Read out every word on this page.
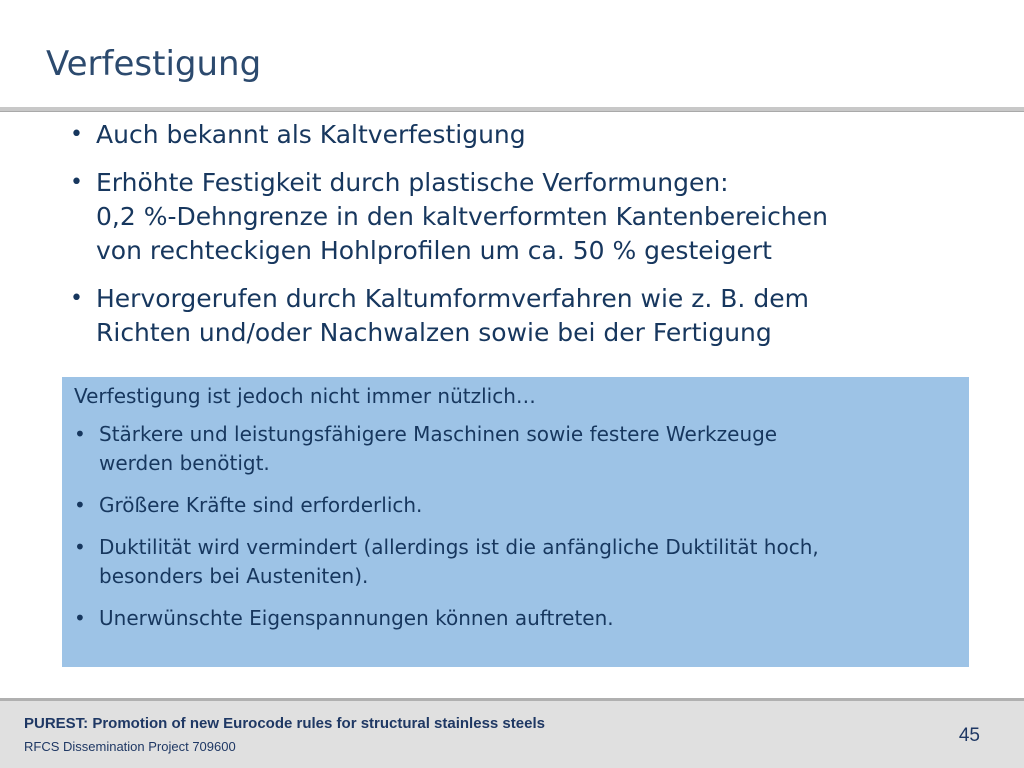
Verfestigung
• Auch bekannt als Kaltverfestigung
• Erhöhte Festigkeit durch plastische Verformungen:
0,2 %-Dehngrenze in den kaltverformten Kantenbereichen
von rechteckigen Hohlprofilen um ca. 50 % gesteigert
• Hervorgerufen durch Kaltumformverfahren wie z. B. dem
Richten und/oder Nachwalzen sowie bei der Fertigung

Verfestigung ist jedoch nicht immer nützlich…

• Stärkere und leistungsfähigere Maschinen sowie festere Werkzeuge
werden benötigt.
• Größere Kräfte sind erforderlich.
• Duktilität wird vermindert (allerdings ist die anfängliche Duktilität hoch,
besonders bei Austeniten).
• Unerwünschte Eigenspannungen können auftreten.
PUREST: Promotion of new Eurocode rules for structural stainless steels
RFCS Dissemination Project 709600
45
